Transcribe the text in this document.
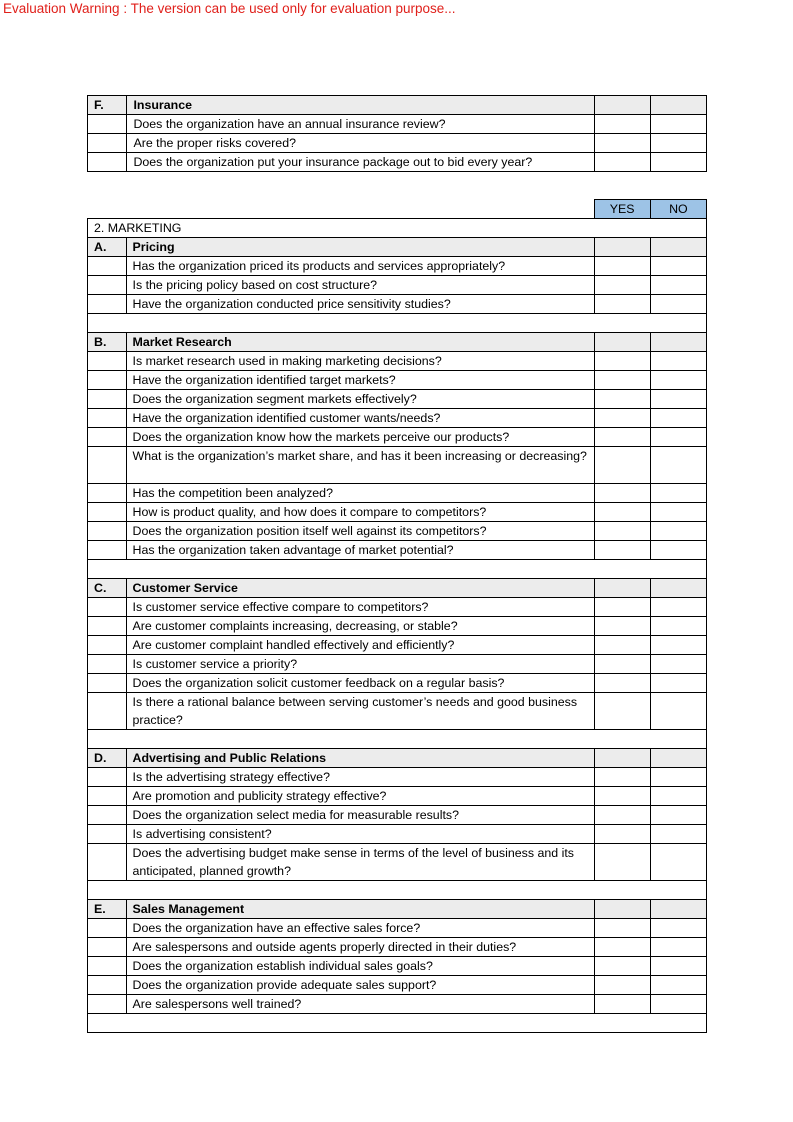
Evaluation Warning : The version can be used only for evaluation purpose...
F.	Insurance		
	Does the organization have an annual insurance review?		
	Are the proper risks covered?		
	Does the organization put your insurance package out to bid every year?		
		YES	NO
2. MARKETING			
A.	Pricing		
	Has the organization priced its products and services appropriately?		
	Is the pricing policy based on cost structure?		
	Have the organization conducted price sensitivity studies?		

B.	Market Research		
	Is market research used in making marketing decisions?		
	Have the organization identified target markets?		
	Does the organization segment markets effectively?		
	Have the organization identified customer wants/needs?		
	Does the organization know how the markets perceive our products?		
	What is the organization’s market share, and has it been increasing or decreasing?		
	Has the competition been analyzed?		
	How is product quality, and how does it compare to competitors?		
	Does the organization position itself well against its competitors?		
	Has the organization taken advantage of market potential?		

C.	Customer Service		
	Is customer service effective compare to competitors?		
	Are customer complaints increasing, decreasing, or stable?		
	Are customer complaint handled effectively and efficiently?		
	Is customer service a priority?		
	Does the organization solicit customer feedback on a regular basis?		
	Is there a rational balance between serving customer’s needs and good business practice?		

D.	Advertising and Public Relations		
	Is the advertising strategy effective?		
	Are promotion and publicity strategy effective?		
	Does the organization select media for measurable results?		
	Is advertising consistent?		
	Does the advertising budget make sense in terms of the level of business and its anticipated, planned growth?		

E.	Sales Management		
	Does the organization have an effective sales force?		
	Are salespersons and outside agents properly directed in their duties?		
	Does the organization establish individual sales goals?		
	Does the organization provide adequate sales support?		
	Are salespersons well trained?		
